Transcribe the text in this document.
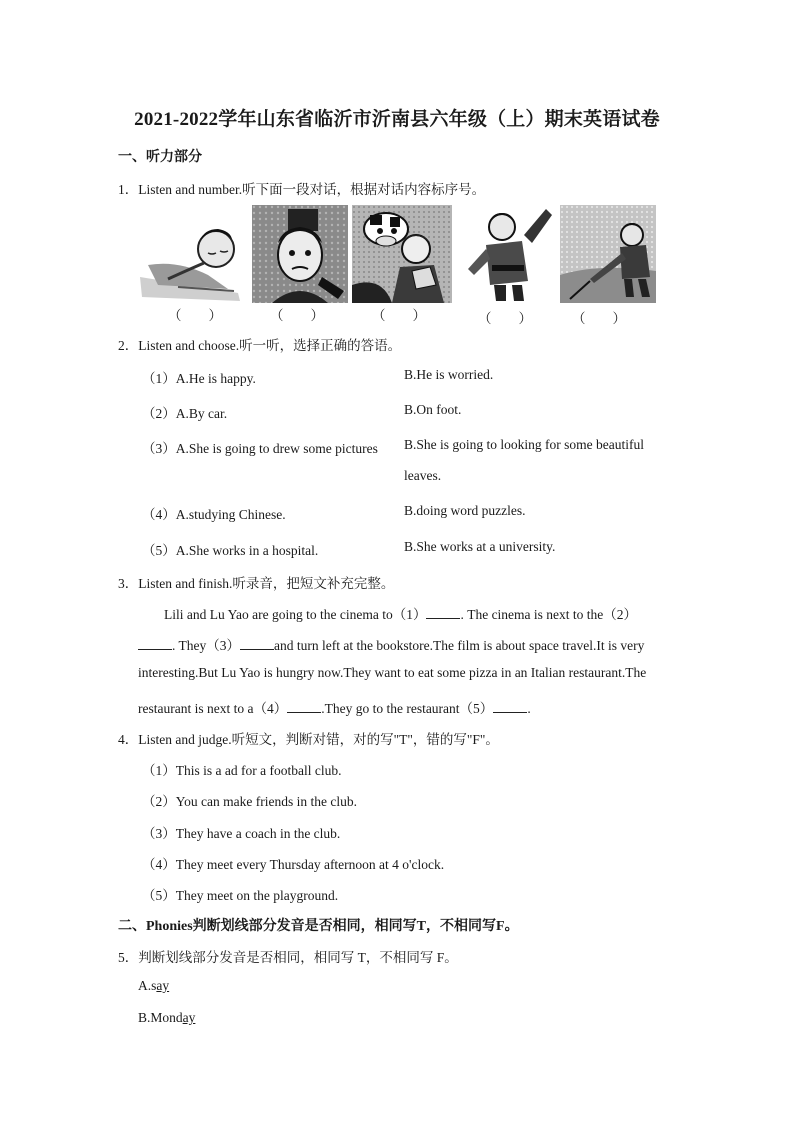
2021-2022学年山东省临沂市沂南县六年级（上）期末英语试卷
一、听力部分
1．Listen and number.听下面一段对话，根据对话内容标序号。
（　　）	（　　）	（　　）	（　　）	（　　）
2．Listen and choose.听一听，选择正确的答语。
（1）A.He is happy.	B.He is worried.
（2）A.By car.	B.On foot.
（3）A.She is going to drew some pictures B.She is going to looking for some beautiful
leaves.
（4）A.studying Chinese.	B.doing word puzzles.
（5）A.She works in a hospital.	B.She works at a university.
3．Listen and finish.听录音，把短文补充完整。
Lili and Lu Yao are going to the cinema to（1）	. The cinema is next to the（2）
. They（3）	and turn left at the bookstore.The film is about space travel.It is very
interesting.But Lu Yao is hungry now.They want to eat some pizza in an Italian restaurant.The
restaurant is next to a（4）	.They go to the restaurant（5）	.
4．Listen and judge.听短文，判断对错，对的写"T"，错的写"F"。
（1）This is a ad for a football club.
（2）You can make friends in the club.
（3）They have a coach in the club.
（4）They meet every Thursday afternoon at 4 o'clock.
（5）They meet on the playground.
二、Phonies判断划线部分发音是否相同，相同写T，不相同写F。
5．判断划线部分发音是否相同，相同写 T，不相同写 F。
A.say
B.Monday
